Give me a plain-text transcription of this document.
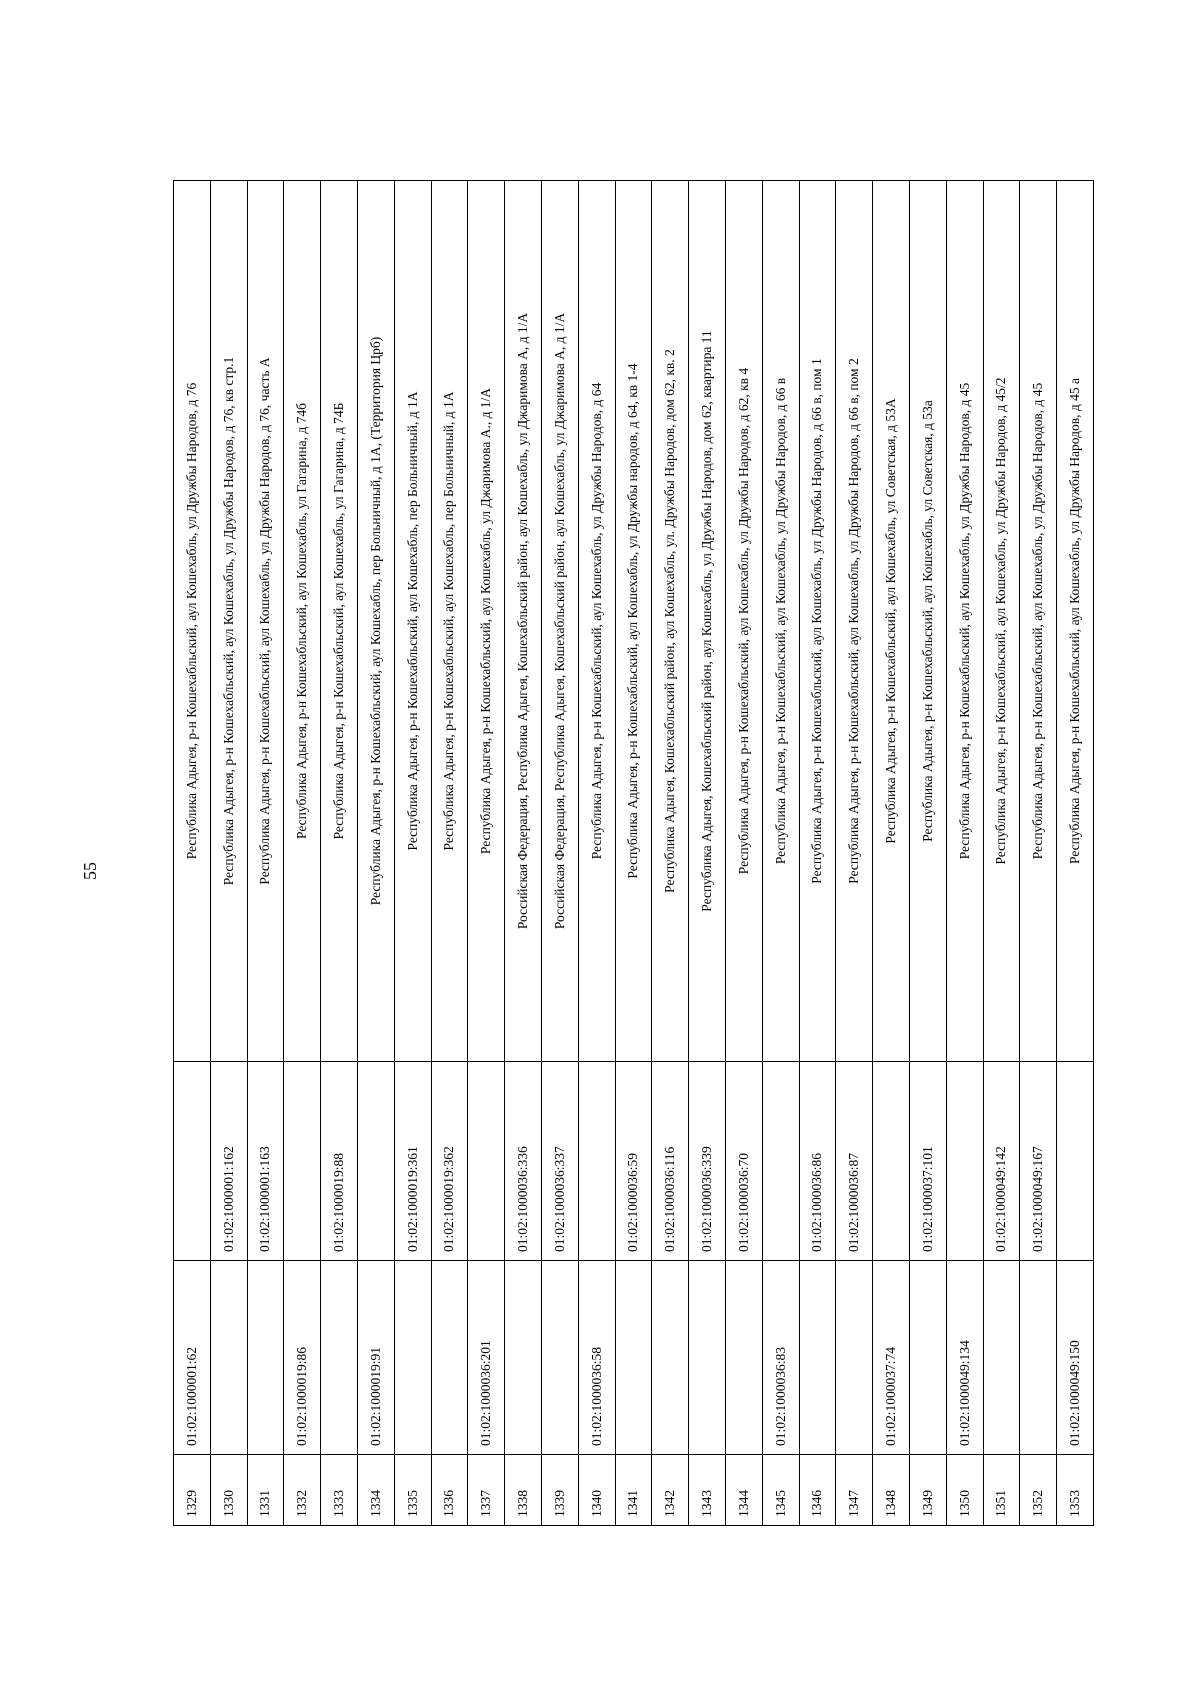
55
1329	01:02:1000001:62		Республика Адыгея, р-н Кошехабльский, аул Кошехабль, ул Дружбы Народов, д 76
1330		01:02:1000001:162	Республика Адыгея, р-н Кошехабльский, аул Кошехабль, ул Дружбы Народов, д 76, кв стр.1
1331		01:02:1000001:163	Республика Адыгея, р-н Кошехабльский, аул Кошехабль, ул Дружбы Народов, д 76, часть А
1332	01:02:1000019:86		Республика Адыгея, р-н Кошехабльский, аул Кошехабль, ул Гагарина, д 74б
1333		01:02:1000019:88	Республика Адыгея, р-н Кошехабльский, аул Кошехабль, ул Гагарина, д 74Б
1334	01:02:1000019:91		Республика Адыгея, р-н Кошехабльский, аул Кошехабль, пер Больничный, д 1А, (Территория Црб)
1335		01:02:1000019:361	Республика Адыгея, р-н Кошехабльский, аул Кошехабль, пер Больничный, д 1А
1336		01:02:1000019:362	Республика Адыгея, р-н Кошехабльский, аул Кошехабль, пер Больничный, д 1А
1337	01:02:1000036:201		Республика Адыгея, р-н Кошехабльский, аул Кошехабль, ул Джаримова А., д 1/А
1338		01:02:1000036:336	Российская Федерация, Республика Адыгея, Кошехабльский район, аул Кошехабль, ул Джаримова А, д 1/А
1339		01:02:1000036:337	Российская Федерация, Республика Адыгея, Кошехабльский район, аул Кошехабль, ул Джаримова А, д 1/А
1340	01:02:1000036:58		Республика Адыгея, р-н Кошехабльский, аул Кошехабль, ул Дружбы Народов, д 64
1341		01:02:1000036:59	Республика Адыгея, р-н Кошехабльский, аул Кошехабль, ул Дружбы народов, д 64, кв 1-4
1342		01:02:1000036:116	Республика Адыгея, Кошехабльский район, аул Кошехабль, ул. Дружбы Народов, дом 62, кв. 2
1343		01:02:1000036:339	Республика Адыгея, Кошехабльский район, аул Кошехабль, ул Дружбы Народов, дом 62, квартира 11
1344		01:02:1000036:70	Республика Адыгея, р-н Кошехабльский, аул Кошехабль, ул Дружбы Народов, д 62, кв 4
1345	01:02:1000036:83		Республика Адыгея, р-н Кошехабльский, аул Кошехабль, ул Дружбы Народов, д 66 в
1346		01:02:1000036:86	Республика Адыгея, р-н Кошехабльский, аул Кошехабль, ул Дружбы Народов, д 66 в, пом 1
1347		01:02:1000036:87	Республика Адыгея, р-н Кошехабльский, аул Кошехабль, ул Дружбы Народов, д 66 в, пом 2
1348	01:02:1000037:74		Республика Адыгея, р-н Кошехабльский, аул Кошехабль, ул Советская, д 53А
1349		01:02:1000037:101	Республика Адыгея, р-н Кошехабльский, аул Кошехабль, ул Советская, д 53а
1350	01:02:1000049:134		Республика Адыгея, р-н Кошехабльский, аул Кошехабль, ул Дружбы Народов, д 45
1351		01:02:1000049:142	Республика Адыгея, р-н Кошехабльский, аул Кошехабль, ул Дружбы Народов, д 45/2
1352		01:02:1000049:167	Республика Адыгея, р-н Кошехабльский, аул Кошехабль, ул Дружбы Народов, д 45
1353	01:02:1000049:150		Республика Адыгея, р-н Кошехабльский, аул Кошехабль, ул Дружбы Народов, д 45 а
